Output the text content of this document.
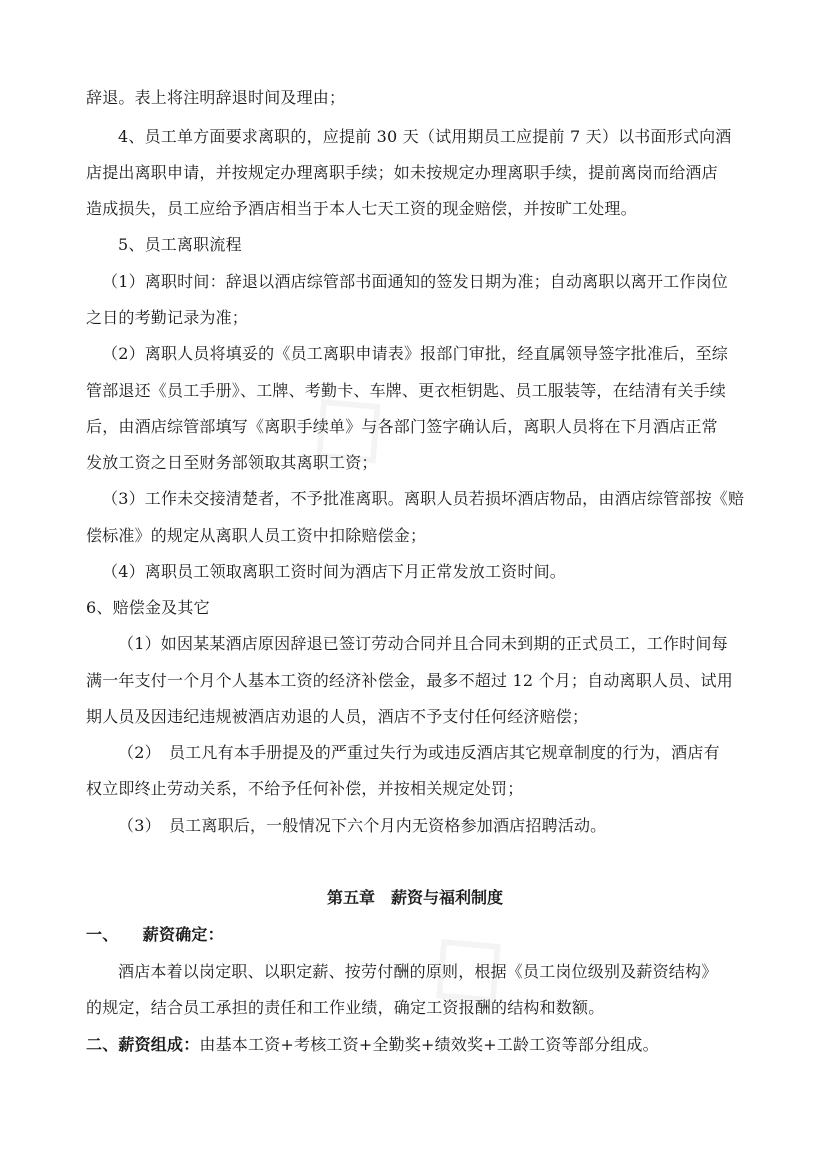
辞退。表上将注明辞退时间及理由；
4、员工单方面要求离职的，应提前 30 天（试用期员工应提前 7 天）以书面形式向酒
店提出离职申请，并按规定办理离职手续；如未按规定办理离职手续，提前离岗而给酒店
造成损失，员工应给予酒店相当于本人七天工资的现金赔偿，并按旷工处理。
5、员工离职流程
（1）离职时间：辞退以酒店综管部书面通知的签发日期为准；自动离职以离开工作岗位
之日的考勤记录为准；
（2）离职人员将填妥的《员工离职申请表》报部门审批，经直属领导签字批准后，至综
管部退还《员工手册》、工牌、考勤卡、车牌、更衣柜钥匙、员工服装等，在结清有关手续
后，由酒店综管部填写《离职手续单》与各部门签字确认后，离职人员将在下月酒店正常
发放工资之日至财务部领取其离职工资；
（3）工作未交接清楚者，不予批准离职。离职人员若损坏酒店物品，由酒店综管部按《赔
偿标准》的规定从离职人员工资中扣除赔偿金；
（4）离职员工领取离职工资时间为酒店下月正常发放工资时间。
6、赔偿金及其它
（1）如因某某酒店原因辞退已签订劳动合同并且合同未到期的正式员工，工作时间每
满一年支付一个月个人基本工资的经济补偿金，最多不超过 12 个月；自动离职人员、试用
期人员及因违纪违规被酒店劝退的人员，酒店不予支付任何经济赔偿；
（2）　员工凡有本手册提及的严重过失行为或违反酒店其它规章制度的行为，酒店有
权立即终止劳动关系，不给予任何补偿，并按相关规定处罚；
（3）　员工离职后，一般情况下六个月内无资格参加酒店招聘活动。
第五章　薪资与福利制度
一、　　薪资确定：
酒店本着以岗定职、以职定薪、按劳付酬的原则，根据《员工岗位级别及薪资结构》
的规定，结合员工承担的责任和工作业绩，确定工资报酬的结构和数额。
二、薪资组成：由基本工资+考核工资+全勤奖+绩效奖+工龄工资等部分组成。
